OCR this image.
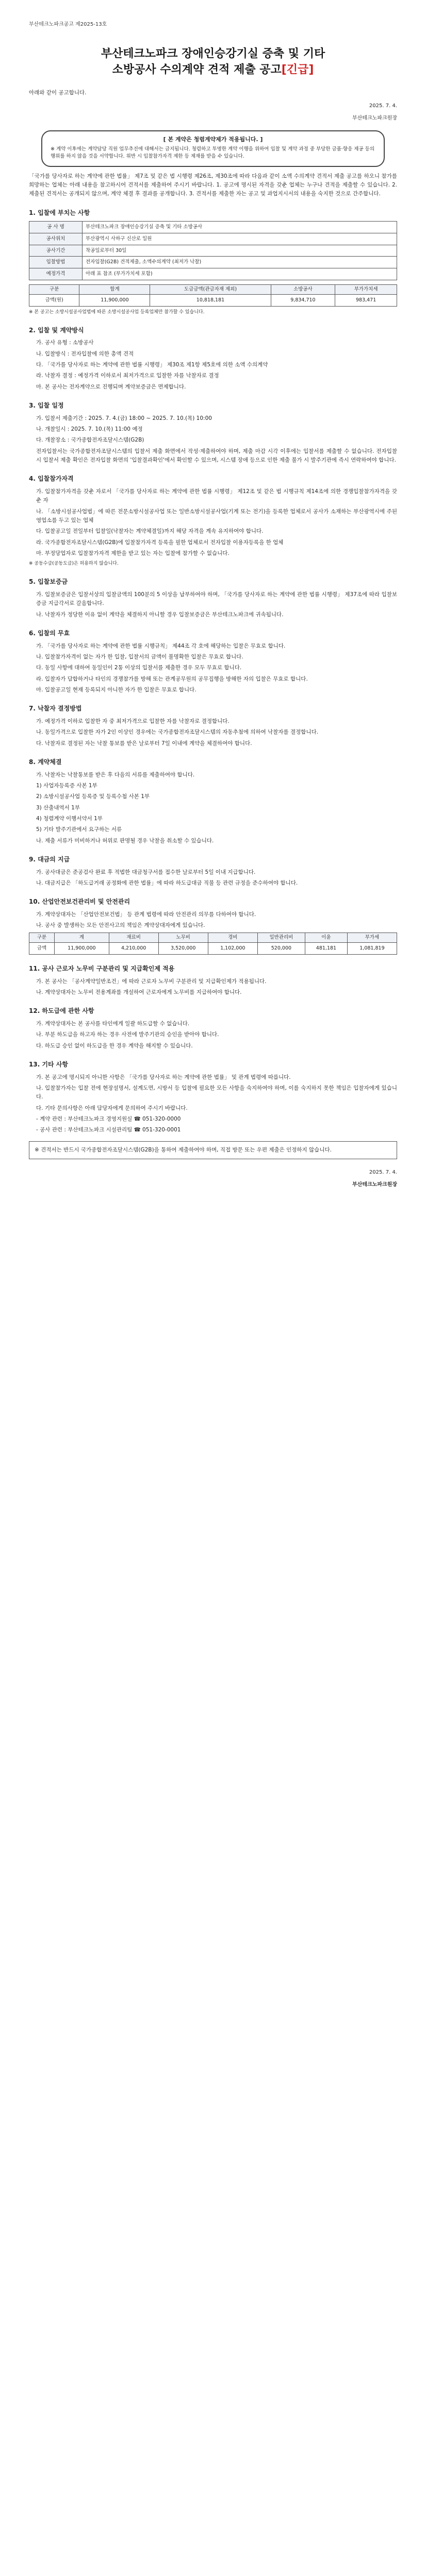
부산테크노파크공고 제2025-13호
부산테크노파크 장애인승강기실 증축 및 기타
소방공사 수의계약 견적 제출 공고[긴급]
아래와 같이 공고합니다.
2025. 7. 4.
부산테크노파크원장
[ 본 계약은 청렴계약제가 적용됩니다. ]
※ 계약 이후에는 계약담당 직원 업무추진에 대해서는 금지됩니다. 청렴하고 투명한 계약 이행을 위하여 입찰 및 계약 과정 중 부당한 금품·향응 제공 등의 행위를 하지 않을 것을 서약합니다. 위반 시 입찰참가자격 제한 등 제재를 받을 수 있습니다.
「국가를 당사자로 하는 계약에 관한 법률」 제7조 및 같은 법 시행령 제26조, 제30조에 따라 다음과 같이 소액 수의계약 견적서 제출 공고를 하오니 참가를 희망하는 업체는 아래 내용을 참고하시어 견적서를 제출하여 주시기 바랍니다. 1. 공고에 명시된 자격을 갖춘 업체는 누구나 견적을 제출할 수 있습니다. 2. 제출된 견적서는 공개되지 않으며, 계약 체결 후 결과를 공개합니다. 3. 견적서를 제출한 자는 공고 및 과업지시서의 내용을 숙지한 것으로 간주합니다.
1. 입찰에 부치는 사항
공 사 명	부산테크노파크 장애인승강기실 증축 및 기타 소방공사
공사위치	부산광역시 사하구 신산로 일원
공사기간	착공일로부터 30일
입찰방법	전자입찰(G2B) 견적제출, 소액수의계약 (최저가 낙찰)
예정가격	아래 표 참조 (부가가치세 포함)
구분	합계	도급금액(관급자재 제외)	소방공사	부가가치세
금액(원)	11,900,000	10,818,181	9,834,710	983,471
※ 본 공고는 소방시설공사업법에 따른 소방시설공사업 등록업체만 참가할 수 있습니다.
2. 입찰 및 계약방식
가. 공사 유형 : 소방공사
나. 입찰방식 : 전자입찰에 의한 총액 견적
다. 「국가를 당사자로 하는 계약에 관한 법률 시행령」 제30조 제1항 제5호에 의한 소액 수의계약
라. 낙찰자 결정 : 예정가격 이하로서 최저가격으로 입찰한 자를 낙찰자로 결정
마. 본 공사는 전자계약으로 진행되며 계약보증금은 면제합니다.
3. 입찰 일정
가. 입찰서 제출기간 : 2025. 7. 4.(금) 18:00 ~ 2025. 7. 10.(목) 10:00
나. 개찰일시 : 2025. 7. 10.(목) 11:00 예정
다. 개찰장소 : 국가종합전자조달시스템(G2B)
전자입찰서는 국가종합전자조달시스템의 입찰서 제출 화면에서 작성·제출하여야 하며, 제출 마감 시각 이후에는 입찰서를 제출할 수 없습니다. 전자입찰 시 입찰서 제출 확인은 전자입찰 화면의 '입찰결과확인'에서 확인할 수 있으며, 시스템 장애 등으로 인한 제출 불가 시 발주기관에 즉시 연락하여야 합니다.
4. 입찰참가자격
가. 입찰참가자격을 갖춘 자로서 「국가를 당사자로 하는 계약에 관한 법률 시행령」 제12조 및 같은 법 시행규칙 제14조에 의한 경쟁입찰참가자격을 갖춘 자
나. 「소방시설공사업법」에 따른 전문소방시설공사업 또는 일반소방시설공사업(기계 또는 전기)을 등록한 업체로서 공사가 소재하는 부산광역시에 주된 영업소를 두고 있는 업체
다. 입찰공고일 전일부터 입찰일(낙찰자는 계약체결일)까지 해당 자격을 계속 유지하여야 합니다.
라. 국가종합전자조달시스템(G2B)에 입찰참가자격 등록을 필한 업체로서 전자입찰 이용자등록을 한 업체
마. 부정당업자로 입찰참가자격 제한을 받고 있는 자는 입찰에 참가할 수 없습니다.
※ 공동수급(공동도급)은 허용하지 않습니다.
5. 입찰보증금
가. 입찰보증금은 입찰서상의 입찰금액의 100분의 5 이상을 납부하여야 하며, 「국가를 당사자로 하는 계약에 관한 법률 시행령」 제37조에 따라 입찰보증금 지급각서로 갈음합니다.
나. 낙찰자가 정당한 이유 없이 계약을 체결하지 아니할 경우 입찰보증금은 부산테크노파크에 귀속됩니다.
6. 입찰의 무효
가. 「국가를 당사자로 하는 계약에 관한 법률 시행규칙」 제44조 각 호에 해당하는 입찰은 무효로 합니다.
나. 입찰참가자격이 없는 자가 한 입찰, 입찰서의 금액이 불명확한 입찰은 무효로 합니다.
다. 동일 사항에 대하여 동일인이 2통 이상의 입찰서를 제출한 경우 모두 무효로 합니다.
라. 입찰자가 담합하거나 타인의 경쟁참가를 방해 또는 관계공무원의 공무집행을 방해한 자의 입찰은 무효로 합니다.
마. 입찰공고일 현재 등록되지 아니한 자가 한 입찰은 무효로 합니다.
7. 낙찰자 결정방법
가. 예정가격 이하로 입찰한 자 중 최저가격으로 입찰한 자를 낙찰자로 결정합니다.
나. 동일가격으로 입찰한 자가 2인 이상인 경우에는 국가종합전자조달시스템의 자동추첨에 의하여 낙찰자를 결정합니다.
다. 낙찰자로 결정된 자는 낙찰 통보를 받은 날로부터 7일 이내에 계약을 체결하여야 합니다.
8. 계약체결
가. 낙찰자는 낙찰통보를 받은 후 다음의 서류를 제출하여야 합니다.
1) 사업자등록증 사본 1부
2) 소방시설공사업 등록증 및 등록수첩 사본 1부
3) 산출내역서 1부
4) 청렴계약 이행서약서 1부
5) 기타 발주기관에서 요구하는 서류
나. 제출 서류가 미비하거나 허위로 판명될 경우 낙찰을 취소할 수 있습니다.
9. 대금의 지급
가. 공사대금은 준공검사 완료 후 적법한 대금청구서를 접수한 날로부터 5일 이내 지급합니다.
나. 대금지급은 「하도급거래 공정화에 관한 법률」에 따라 하도급대금 직불 등 관련 규정을 준수하여야 합니다.
10. 산업안전보건관리비 및 안전관리
가. 계약상대자는 「산업안전보건법」 등 관계 법령에 따라 안전관리 의무를 다하여야 합니다.
나. 공사 중 발생하는 모든 안전사고의 책임은 계약상대자에게 있습니다.
구분	계	재료비	노무비	경비	일반관리비	이윤	부가세
금액	11,900,000	4,210,000	3,520,000	1,102,000	520,000	481,181	1,081,819
11. 공사 근로자 노무비 구분관리 및 지급확인제 적용
가. 본 공사는 「공사계약일반조건」에 따라 근로자 노무비 구분관리 및 지급확인제가 적용됩니다.
나. 계약상대자는 노무비 전용계좌를 개설하여 근로자에게 노무비를 지급하여야 합니다.
12. 하도급에 관한 사항
가. 계약상대자는 본 공사를 타인에게 일괄 하도급할 수 없습니다.
나. 부분 하도급을 하고자 하는 경우 사전에 발주기관의 승인을 받아야 합니다.
다. 하도급 승인 없이 하도급을 한 경우 계약을 해지할 수 있습니다.
13. 기타 사항
가. 본 공고에 명시되지 아니한 사항은 「국가를 당사자로 하는 계약에 관한 법률」 및 관계 법령에 따릅니다.
나. 입찰참가자는 입찰 전에 현장설명서, 설계도면, 시방서 등 입찰에 필요한 모든 사항을 숙지하여야 하며, 이를 숙지하지 못한 책임은 입찰자에게 있습니다.
다. 기타 문의사항은 아래 담당자에게 문의하여 주시기 바랍니다.
- 계약 관련 : 부산테크노파크 경영지원실 ☎ 051-320-0000
- 공사 관련 : 부산테크노파크 시설관리팀 ☎ 051-320-0001
※ 견적서는 반드시 국가종합전자조달시스템(G2B)을 통하여 제출하여야 하며, 직접 방문 또는 우편 제출은 인정하지 않습니다.
2025. 7. 4.
부산테크노파크원장
